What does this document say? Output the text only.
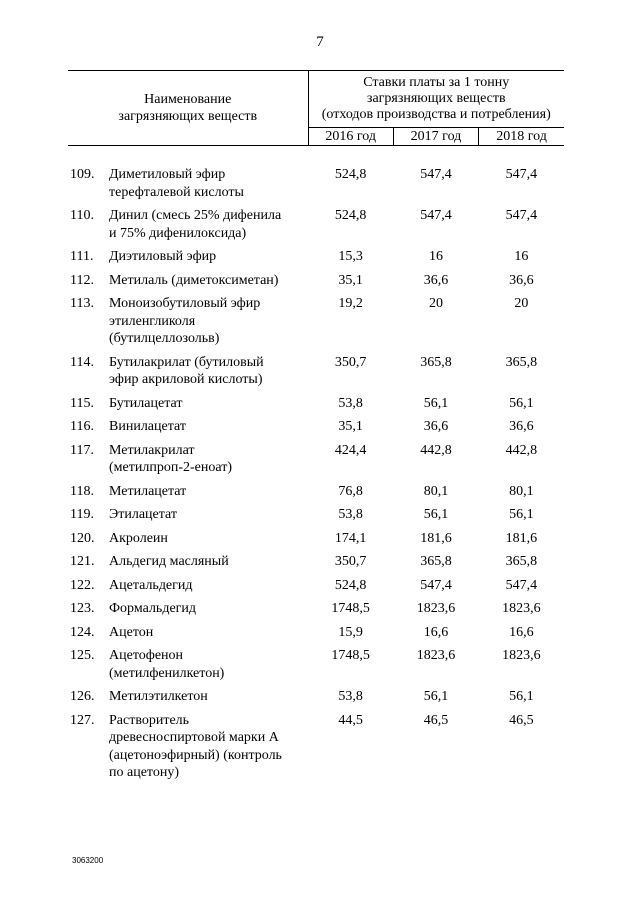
7
Наименование
загрязняющих веществ	Ставки платы за 1 тонну
загрязняющих веществ
(отходов производства и потребления)		
	2016 год	2017 год	2018 год

109. Диметиловый эфир
терефталевой кислоты	524,8	547,4	547,4

110. Динил (смесь 25% дифенила
и 75% дифенилоксида)	524,8	547,4	547,4

111. Диэтиловый эфир	15,3	16	16

112. Метилаль (диметоксиметан)	35,1	36,6	36,6

113. Моноизобутиловый эфир
этиленгликоля
(бутилцеллозольв)	19,2	20	20

114. Бутилакрилат (бутиловый
эфир акриловой кислоты)	350,7	365,8	365,8

115. Бутилацетат	53,8	56,1	56,1

116. Винилацетат	35,1	36,6	36,6

117. Метилакрилат
(метилпроп-2-еноат)	424,4	442,8	442,8

118. Метилацетат	76,8	80,1	80,1

119. Этилацетат	53,8	56,1	56,1

120. Акролеин	174,1	181,6	181,6

121. Альдегид масляный	350,7	365,8	365,8

122. Ацетальдегид	524,8	547,4	547,4

123. Формальдегид	1748,5	1823,6	1823,6

124. Ацетон	15,9	16,6	16,6

125. Ацетофенон
(метилфенилкетон)	1748,5	1823,6	1823,6

126. Метилэтилкетон	53,8	56,1	56,1

127. Растворитель
древесноспиртовой марки А
(ацетоноэфирный) (контроль
по ацетону)	44,5	46,5	46,5
3063200
